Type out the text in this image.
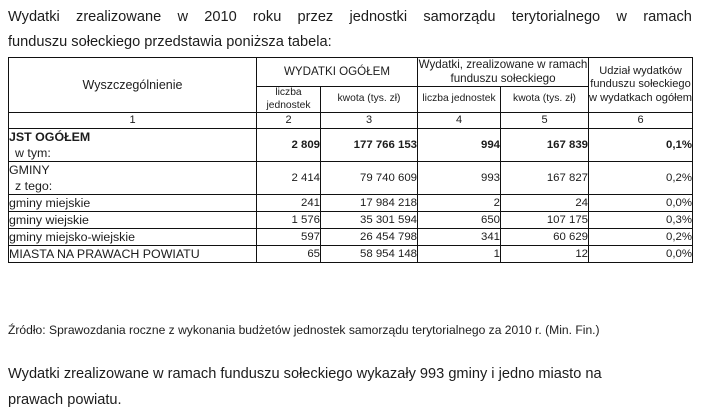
Wydatki zrealizowane w 2010 roku przez jednostki samorządu terytorialnego w ramach
funduszu sołeckiego przedstawia poniższa tabela:
Wyszczególnienie	WYDATKI OGÓŁEM		Wydatki, zrealizowane w ramach funduszu sołeckiego		Udział wydatków funduszu sołeckiego w wydatkach ogółem
	liczba jednostek	kwota (tys. zł)	liczba jednostek	kwota (tys. zł)	
1	2	3	4	5	6
JST OGÓŁEM
w tym:	2 809	177 766 153	994	167 839	0,1%
GMINY
z tego:	2 414	79 740 609	993	167 827	0,2%
gminy miejskie	241	17 984 218	2	24	0,0%
gminy wiejskie	1 576	35 301 594	650	107 175	0,3%
gminy miejsko-wiejskie	597	26 454 798	341	60 629	0,2%
MIASTA NA PRAWACH POWIATU	65	58 954 148	1	12	0,0%
Źródło: Sprawozdania roczne z wykonania budżetów jednostek samorządu terytorialnego za 2010 r. (Min. Fin.)
Wydatki zrealizowane w ramach funduszu sołeckiego wykazały 993 gminy i jedno miasto na
prawach powiatu.
